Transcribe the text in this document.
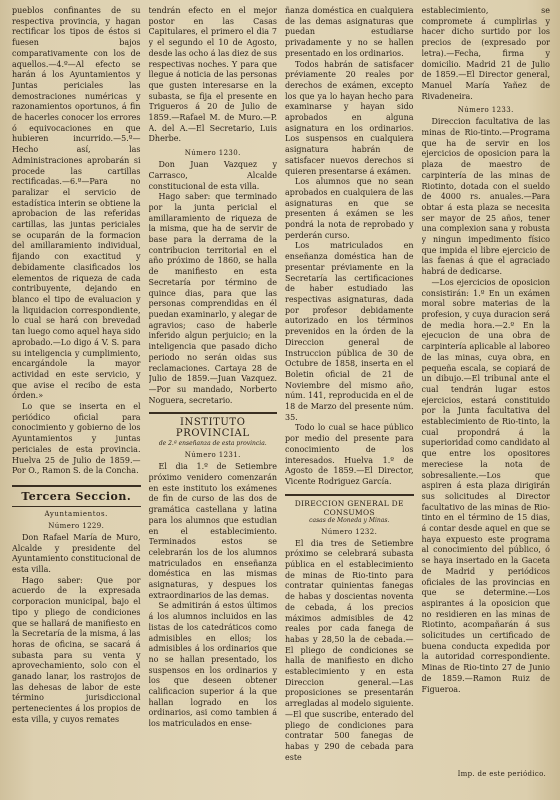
pueblos confinantes de su respectiva provincia, y hagan rectificar los tipos de éstos si fuesen bajos comparativamente con los de aquellos.—4.º—Al efecto se harán á los Ayuntamientos y Juntas periciales las demostraciones numéricas y razonamientos oportunos, á fin de hacerles conocer los errores ó equivocaciones en que hubieren incurrido.—5.º—Hecho así, las Administraciones aprobarán si procede las cartillas rectificadas.—6.º—Para no paralizar el servicio de estadística interin se obtiene la aprobacion de las referidas cartillas, las juntas periciales se ocuparán de la formacion del amillaramiento individual, fijando con exactitud y debidamente clasificados los elementos de riqueza de cada contribuyente, dejando en blanco el tipo de evaluacion y la liquidacion correspondiente, lo cual se hará con brevedad tan luego como aquel haya sido aprobado.—Lo digo á V. S. para su inteligencia y cumplimiento, encargándole la mayor actividad en este servicio, y que avise el recibo de esta órden.»

Lo que se inserta en el periódico oficial para conocimiento y gobierno de los Ayuntamientos y juntas periciales de esta provincia. Huelva 25 de Julio de 1859.—Por O., Ramon S. de la Concha.

Tercera Seccion.
Ayuntamientos.
Número 1229.

Don Rafael María de Muro, Alcalde y presidente del Ayuntamiento constitucional de esta villa.

Hago saber: Que por acuerdo de la expresada corporacion municipal, bajo el tipo y pliego de condiciones que se hallará de manifiesto en la Secretaría de la misma, á las horas de oficina, se sacará á subasta para su venta y aprovechamiento, solo con el ganado lanar, los rastrojos de las dehesas de labor de este término jurisdiccional pertenecientes á los propios de esta villa, y cuyos remates

tendrán efecto en el mejor postor en las Casas Capitulares, el primero el dia 7 y el segundo el 10 de Agosto, desde las ocho á las diez de sus respectivas noches. Y para que llegue á noticia de las personas que gusten interesarse en la subasta, se fija el presente en Trigueros á 20 de Julio de 1859.—Rafael M. de Muro.—P. A. del A.—El Secretario, Luis Dherbe.

Número 1230.

Don Juan Vazquez y Carrasco, Alcalde constitucional de esta villa.

Hago saber: que terminado por la junta pericial el amillaramiento de riqueza de la misma, que ha de servir de base para la derrama de la contribucion territorial en el año próximo de 1860, se halla de manifiesto en esta Secretaría por término de quince dias, para que las personas comprendidas en él puedan examinarlo, y alegar de agravios; caso de haberle inferido algun perjuicio; en la inteligencia que pasado dicho periodo no serán oidas sus reclamaciones. Cartaya 28 de Julio de 1859.—Juan Vazquez.—Por su mandado, Norberto Noguera, secretario.

INSTITUTO PROVINCIAL
de 2.ª enseñanza de esta provincia.
Número 1231.

El dia 1.º de Setiembre próximo venidero comenzarán en este instituto los exámenes de fin de curso de las dos de gramática castellana y latina para los alumnos que estudian en el establecimiento. Terminados estos se celebrarán los de los alumnos matriculados en enseñanza doméstica en las mismas asignaturas, y despues los extraordinarios de las demas.

Se admitirán á estos últimos á los alumnos incluidos en las listas de los catedráticos como admisibles en ellos; los admisibles á los ordinarios que no se hallan presentado, los suspensos en los ordinarios y los que deseen obtener calificacion superior á la que hallan logrado en los ordinarios, asi como tambien á los matriculados en ense-

ñanza doméstica en cualquiera de las demas asignaturas que puedan estudiarse privadamente y no se hallen presentado en los ordinarios.

Todos habrán de satisfacer préviamente 20 reales por derechos de exámen, excepto los que ya lo hayan hecho para examinarse y hayan sido aprobados en alguna asignatura en los ordinarios. Los suspensos en cualquiera asignatura habrán de satisfacer nuevos derechos si quieren presentarse á exámen.

Los alumnos que no sean aprobados en cualquiera de las asignaturas en que se presenten á exámen se les pondrá la nota de reprobado y perderán curso.

Los matriculados en enseñanza doméstica han de presentar préviamente en la Secretaría las certificaciones de haber estudiado las respectivas asignaturas, dada por profesor debidamente autorizado en los términos prevenidos en la órden de la Direccion general de Instruccion pública de 30 de Octubre de 1858, inserta en el Boletin oficial de 21 de Noviembre del mismo año, núm. 141, reproducida en el de 18 de Marzo del presente núm. 35.

Todo lo cual se hace público por medio del presente para conocimiento de los interesados. Huelva 1.º de Agosto de 1859.—El Director, Vicente Rodriguez García.

DIRECCION GENERAL DE CONSUMOS
casas de Moneda y Minas.
Número 1232.

El dia tres de Setiembre próximo se celebrará subasta pública en el establecimiento de minas de Rio-tinto para contratar quinientas fanegas de habas y doscientas noventa de cebada, á los precios máximos admisibles de 42 reales por cada fanega de habas y 28,50 la de cebada.—El pliego de condiciones se halla de manifiesto en dicho establecimiento y en esta Direccion general.—Las proposiciones se presentarán arregladas al modelo siguiente.—El que suscribe, enterado del pliego de condiciones para contratar 500 fanegas de habas y 290 de cebada para este

establecimiento, se compromete á cumplirlas y hacer dicho surtido por los precios de (expresado por letra).—Fecha, firma y domicilio. Madrid 21 de Julio de 1859.—El Director general, Manuel María Yañez de Rivadeneira.

Número 1233.

Direccion facultativa de las minas de Rio-tinto.—Programa que ha de servir en los ejercicios de oposicion para la plaza de maestro de carpintería de las minas de Riotinto, dotada con el sueldo de 4000 rs. anuales.—Para obtar á esta plaza se necesita ser mayor de 25 años, tener una complexion sana y robusta y ningun impedimento físico que impida el libre ejercicio de las faenas á que el agraciado habrá de dedicarse.

—Los ejercicios de oposicion consistirán: 1.º En un exámen moral sobre materias de la profesion, y cuya duracion será de media hora.—2.º En la ejecucion de una obra de carpintería aplicable al laboreo de las minas, cuya obra, en pequeña escala, se copiará de un dibujo.—El tribunal ante el cual tendrán lugar estos ejercicios, estará constituido por la Junta facultativa del establecimiento de Rio-tinto, la cual propondrá á la superioridad como candidato al que entre los opositores mereciese la nota de sobresaliente.—Los que aspiren á esta plaza dirigirán sus solicitudes al Director facultativo de las minas de Rio-tinto en el término de 15 dias, á contar desde aquel en que se haya expuesto este programa al conocimiento del público, ó se haya insertado en la Gaceta de Madrid y periódicos oficiales de las provincias en que se determine.—Los aspirantes á la oposicion que no residieren en las minas de Riotinto, acompañarán á sus solicitudes un certificado de buena conducta expedida por la autoridad correspondiente. Minas de Rio-tinto 27 de Junio de 1859.—Ramon Ruiz de Figueroa.

Imp. de este periódico.
